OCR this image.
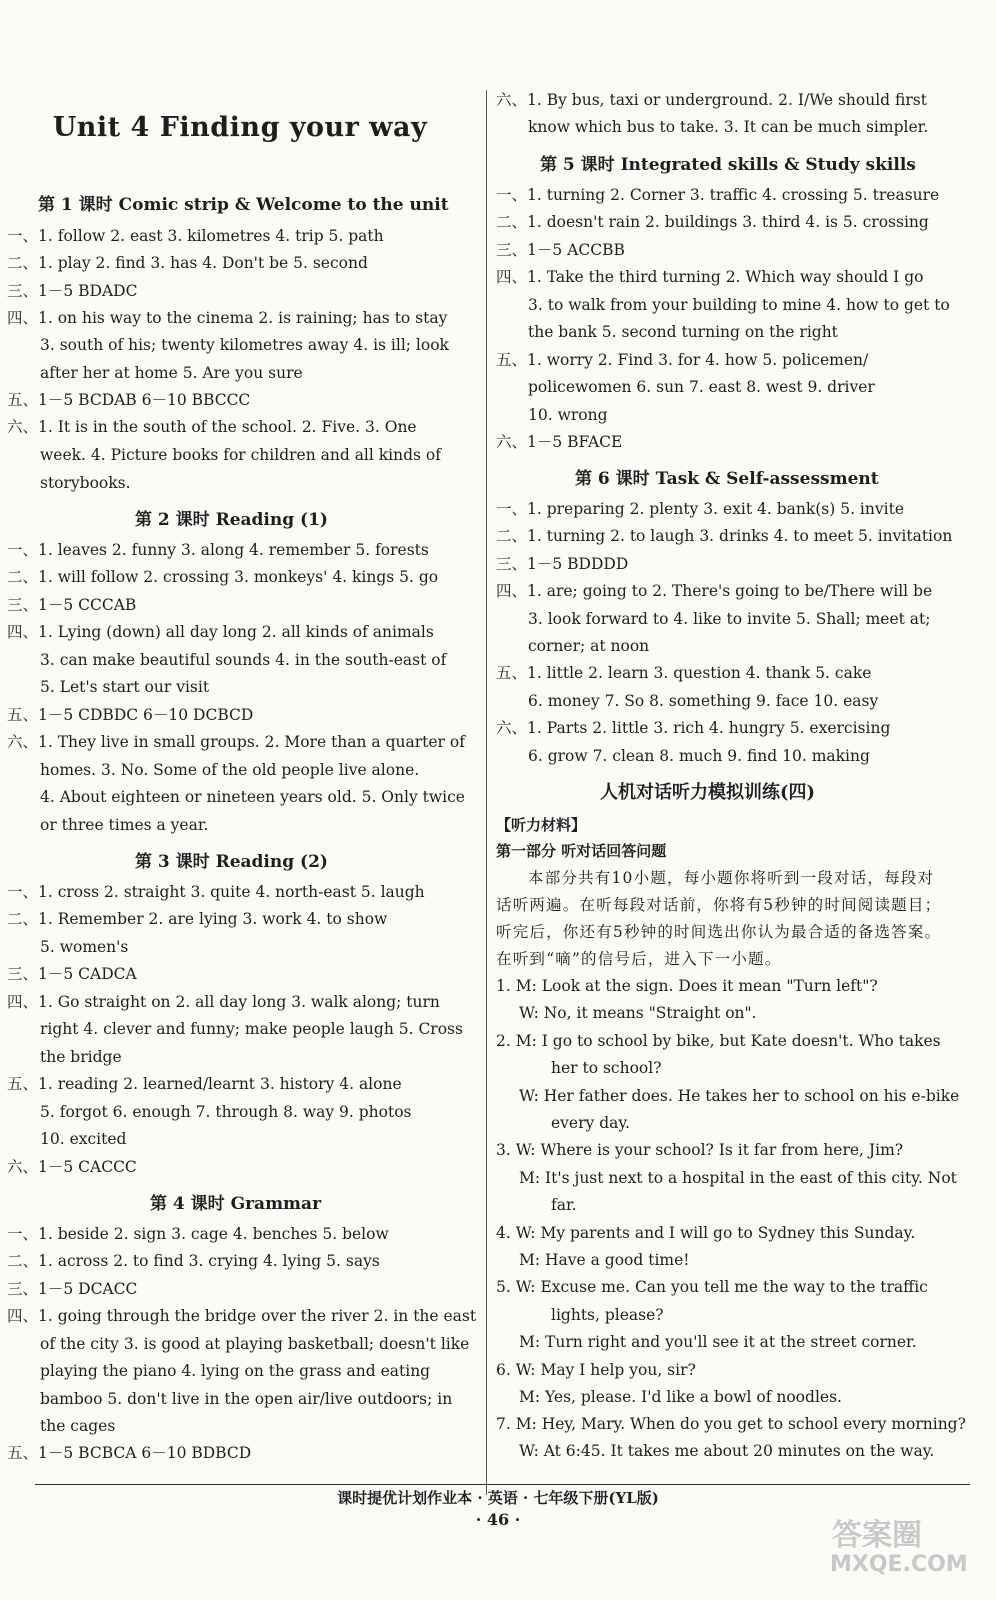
Unit 4 Finding your way
第 1 课时 Comic strip & Welcome to the unit
一、1. follow 2. east 3. kilometres 4. trip 5. path
二、1. play 2. find 3. has 4. Don't be 5. second
三、1－5 BDADC
四、1. on his way to the cinema 2. is raining; has to stay
3. south of his; twenty kilometres away 4. is ill; look
after her at home 5. Are you sure
五、1－5 BCDAB 6－10 BBCCC
六、1. It is in the south of the school. 2. Five. 3. One
week. 4. Picture books for children and all kinds of
storybooks.
第 2 课时 Reading (1)
一、1. leaves 2. funny 3. along 4. remember 5. forests
二、1. will follow 2. crossing 3. monkeys' 4. kings 5. go
三、1－5 CCCAB
四、1. Lying (down) all day long 2. all kinds of animals
3. can make beautiful sounds 4. in the south-east of
5. Let's start our visit
五、1－5 CDBDC 6－10 DCBCD
六、1. They live in small groups. 2. More than a quarter of
homes. 3. No. Some of the old people live alone.
4. About eighteen or nineteen years old. 5. Only twice
or three times a year.
第 3 课时 Reading (2)
一、1. cross 2. straight 3. quite 4. north-east 5. laugh
二、1. Remember 2. are lying 3. work 4. to show
5. women's
三、1－5 CADCA
四、1. Go straight on 2. all day long 3. walk along; turn
right 4. clever and funny; make people laugh 5. Cross
the bridge
五、1. reading 2. learned/learnt 3. history 4. alone
5. forgot 6. enough 7. through 8. way 9. photos
10. excited
六、1－5 CACCC
第 4 课时 Grammar
一、1. beside 2. sign 3. cage 4. benches 5. below
二、1. across 2. to find 3. crying 4. lying 5. says
三、1－5 DCACC
四、1. going through the bridge over the river 2. in the east
of the city 3. is good at playing basketball; doesn't like
playing the piano 4. lying on the grass and eating
bamboo 5. don't live in the open air/live outdoors; in
the cages
五、1－5 BCBCA 6－10 BDBCD
六、1. By bus, taxi or underground. 2. I/We should first
know which bus to take. 3. It can be much simpler.
第 5 课时 Integrated skills & Study skills
一、1. turning 2. Corner 3. traffic 4. crossing 5. treasure
二、1. doesn't rain 2. buildings 3. third 4. is 5. crossing
三、1－5 ACCBB
四、1. Take the third turning 2. Which way should I go
3. to walk from your building to mine 4. how to get to
the bank 5. second turning on the right
五、1. worry 2. Find 3. for 4. how 5. policemen/
policewomen 6. sun 7. east 8. west 9. driver
10. wrong
六、1－5 BFACE
第 6 课时 Task & Self-assessment
一、1. preparing 2. plenty 3. exit 4. bank(s) 5. invite
二、1. turning 2. to laugh 3. drinks 4. to meet 5. invitation
三、1－5 BDDDD
四、1. are; going to 2. There's going to be/There will be
3. look forward to 4. like to invite 5. Shall; meet at;
corner; at noon
五、1. little 2. learn 3. question 4. thank 5. cake
6. money 7. So 8. something 9. face 10. easy
六、1. Parts 2. little 3. rich 4. hungry 5. exercising
6. grow 7. clean 8. much 9. find 10. making
人机对话听力模拟训练(四)
【听力材料】
第一部分 听对话回答问题
本部分共有10小题，每小题你将听到一段对话，每段对
话听两遍。在听每段对话前，你将有5秒钟的时间阅读题目；
听完后，你还有5秒钟的时间选出你认为最合适的备选答案。
在听到“嘀”的信号后，进入下一小题。
1. M: Look at the sign. Does it mean "Turn left"?
W: No, it means "Straight on".
2. M: I go to school by bike, but Kate doesn't. Who takes
her to school?
W: Her father does. He takes her to school on his e-bike
every day.
3. W: Where is your school? Is it far from here, Jim?
M: It's just next to a hospital in the east of this city. Not
far.
4. W: My parents and I will go to Sydney this Sunday.
M: Have a good time!
5. W: Excuse me. Can you tell me the way to the traffic
lights, please?
M: Turn right and you'll see it at the street corner.
6. W: May I help you, sir?
M: Yes, please. I'd like a bowl of noodles.
7. M: Hey, Mary. When do you get to school every morning?
W: At 6:45. It takes me about 20 minutes on the way.
课时提优计划作业本 · 英语 · 七年级下册(YL版)
· 46 ·	答案圈
MXQE.COM
